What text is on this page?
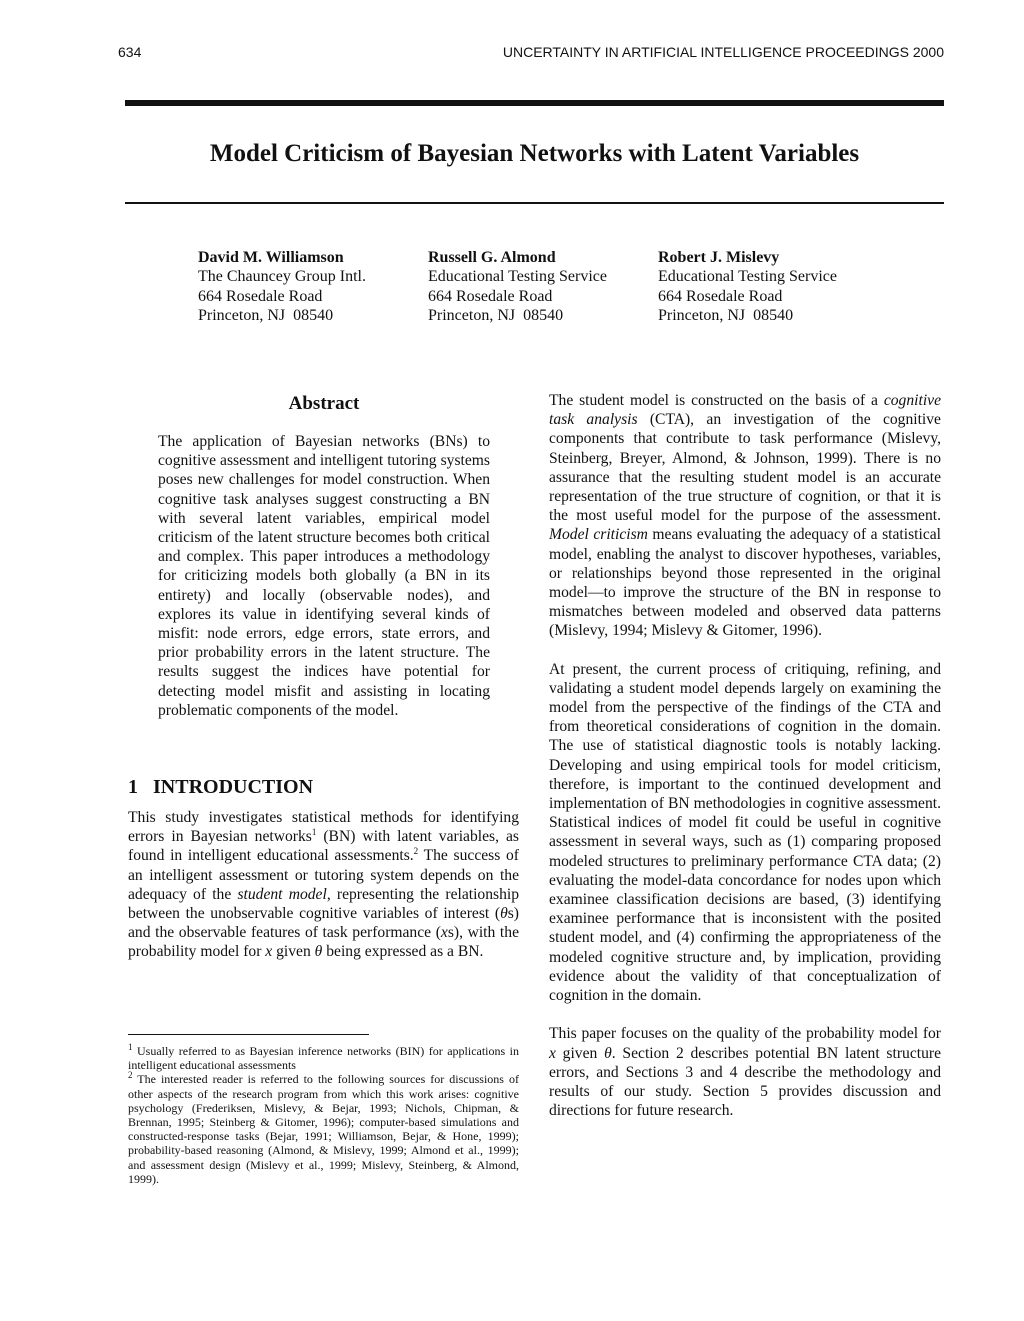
634	UNCERTAINTY IN ARTIFICIAL INTELLIGENCE PROCEEDINGS 2000
Model Criticism of Bayesian Networks with Latent Variables
David M. Williamson
The Chauncey Group Intl.
664 Rosedale Road
Princeton, NJ  08540
Russell G. Almond
Educational Testing Service
664 Rosedale Road
Princeton, NJ  08540
Robert J. Mislevy
Educational Testing Service
664 Rosedale Road
Princeton, NJ  08540
Abstract

The application of Bayesian networks (BNs) to cognitive assessment and intelligent tutoring systems poses new challenges for model construction. When cognitive task analyses suggest constructing a BN with several latent variables, empirical model criticism of the latent structure becomes both critical and complex. This paper introduces a methodology for criticizing models both globally (a BN in its entirety) and locally (observable nodes), and explores its value in identifying several kinds of misfit: node errors, edge errors, state errors, and prior probability errors in the latent structure. The results suggest the indices have potential for detecting model misfit and assisting in locating problematic components of the model.

1   INTRODUCTION

This study investigates statistical methods for identifying errors in Bayesian networks$^1$ (BN) with latent variables, as found in intelligent educational assessments.$^2$ The success of an intelligent assessment or tutoring system depends on the adequacy of the student model, representing the relationship between the unobservable cognitive variables of interest (θs) and the observable features of task performance (xs), with the probability model for x given θ being expressed as a BN.

$^1$ Usually referred to as Bayesian inference networks (BIN) for applications in intelligent educational assessments

$^2$ The interested reader is referred to the following sources for discussions of other aspects of the research program from which this work arises: cognitive psychology (Frederiksen, Mislevy, & Bejar, 1993; Nichols, Chipman, & Brennan, 1995; Steinberg & Gitomer, 1996); computer-based simulations and constructed-response tasks (Bejar, 1991; Williamson, Bejar, & Hone, 1999); probability-based reasoning (Almond, & Mislevy, 1999; Almond et al., 1999); and assessment design (Mislevy et al., 1999; Mislevy, Steinberg, & Almond, 1999).

The student model is constructed on the basis of a cognitive task analysis (CTA), an investigation of the cognitive components that contribute to task performance (Mislevy, Steinberg, Breyer, Almond, & Johnson, 1999). There is no assurance that the resulting student model is an accurate representation of the true structure of cognition, or that it is the most useful model for the purpose of the assessment. Model criticism means evaluating the adequacy of a statistical model, enabling the analyst to discover hypotheses, variables, or relationships beyond those represented in the original model—to improve the structure of the BN in response to mismatches between modeled and observed data patterns (Mislevy, 1994; Mislevy & Gitomer, 1996).

At present, the current process of critiquing, refining, and validating a student model depends largely on examining the model from the perspective of the findings of the CTA and from theoretical considerations of cognition in the domain. The use of statistical diagnostic tools is notably lacking. Developing and using empirical tools for model criticism, therefore, is important to the continued development and implementation of BN methodologies in cognitive assessment. Statistical indices of model fit could be useful in cognitive assessment in several ways, such as (1) comparing proposed modeled structures to preliminary performance CTA data; (2) evaluating the model-data concordance for nodes upon which examinee classification decisions are based, (3) identifying examinee performance that is inconsistent with the posited student model, and (4) confirming the appropriateness of the modeled cognitive structure and, by implication, providing evidence about the validity of that conceptualization of cognition in the domain.

This paper focuses on the quality of the probability model for x given θ. Section 2 describes potential BN latent structure errors, and Sections 3 and 4 describe the methodology and results of our study. Section 5 provides discussion and directions for future research.
